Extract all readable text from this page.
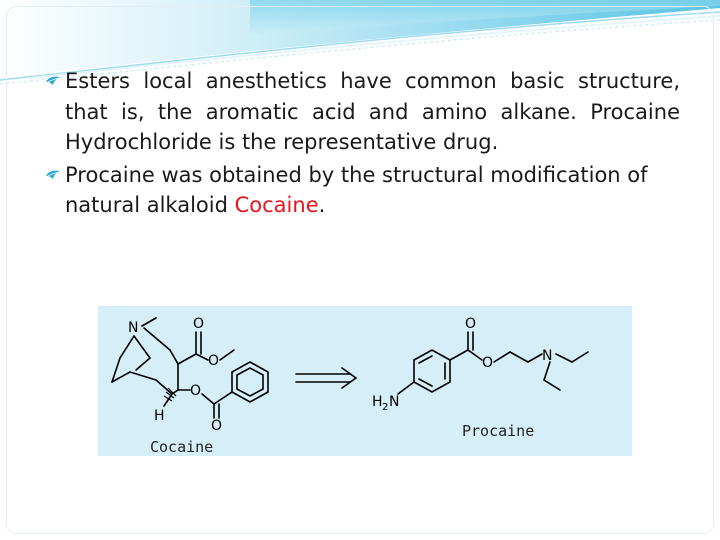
Esters local anesthetics have common basic structure, that is, the aromatic acid and amino alkane. Procaine Hydrochloride is the representative drug.
Procaine was obtained by the structural modification of natural alkaloid Cocaine.
N	O
O
O
O
H
O
O	N
H 2 N
Cocaine
Procaine
